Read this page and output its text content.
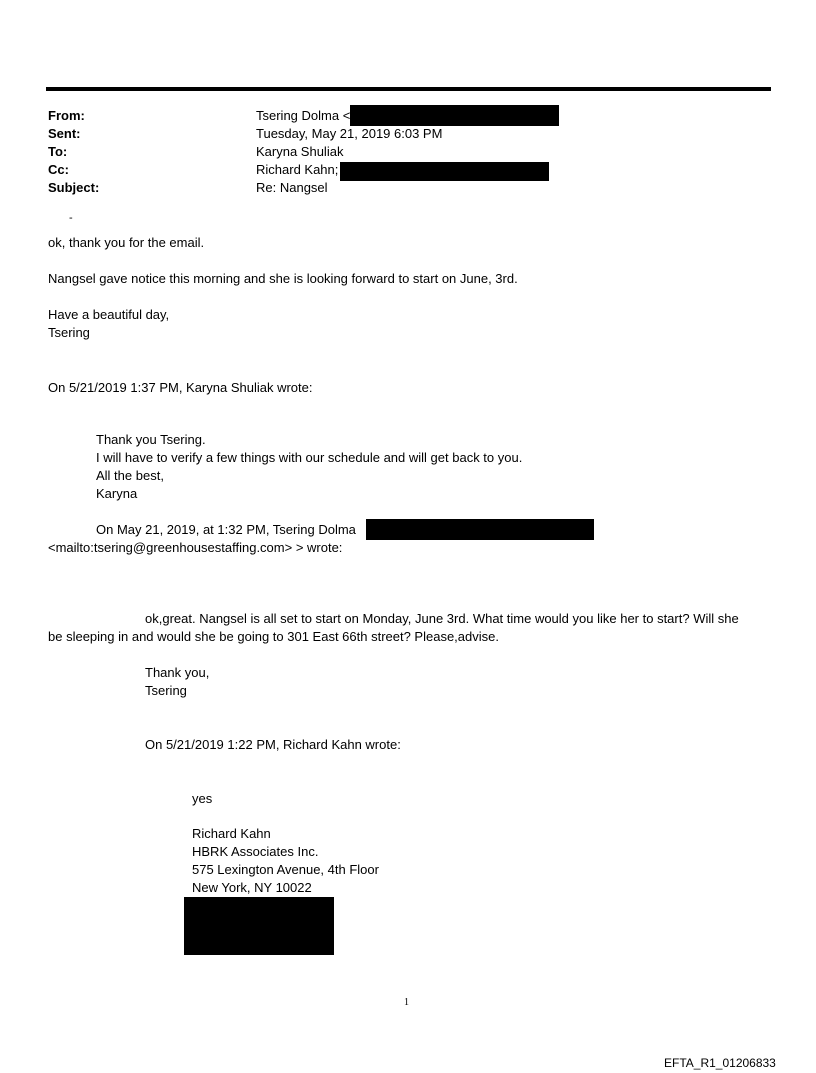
From:	Tsering Dolma <
Sent:	Tuesday, May 21, 2019 6:03 PM
To:	Karyna Shuliak
Cc:	Richard Kahn;
Subject:	Re: Nangsel
-
ok, thank you for the email.
Nangsel gave notice this morning and she is looking forward to start on June, 3rd.
Have a beautiful day,
Tsering
On 5/21/2019 1:37 PM, Karyna Shuliak wrote:
Thank you Tsering.
I will have to verify a few things with our schedule and will get back to you.
All the best,
Karyna
On May 21, 2019, at 1:32 PM, Tsering Dolma
<mailto:tsering@greenhousestaffing.com> > wrote:
ok,great. Nangsel is all set to start on Monday, June 3rd. What time would you like her to start? Will she
be sleeping in and would she be going to 301 East 66th street? Please,advise.
Thank you,
Tsering
On 5/21/2019 1:22 PM, Richard Kahn wrote:
yes
Richard Kahn
HBRK Associates Inc.
575 Lexington Avenue, 4th Floor
New York, NY 10022
1
EFTA_R1_01206833
